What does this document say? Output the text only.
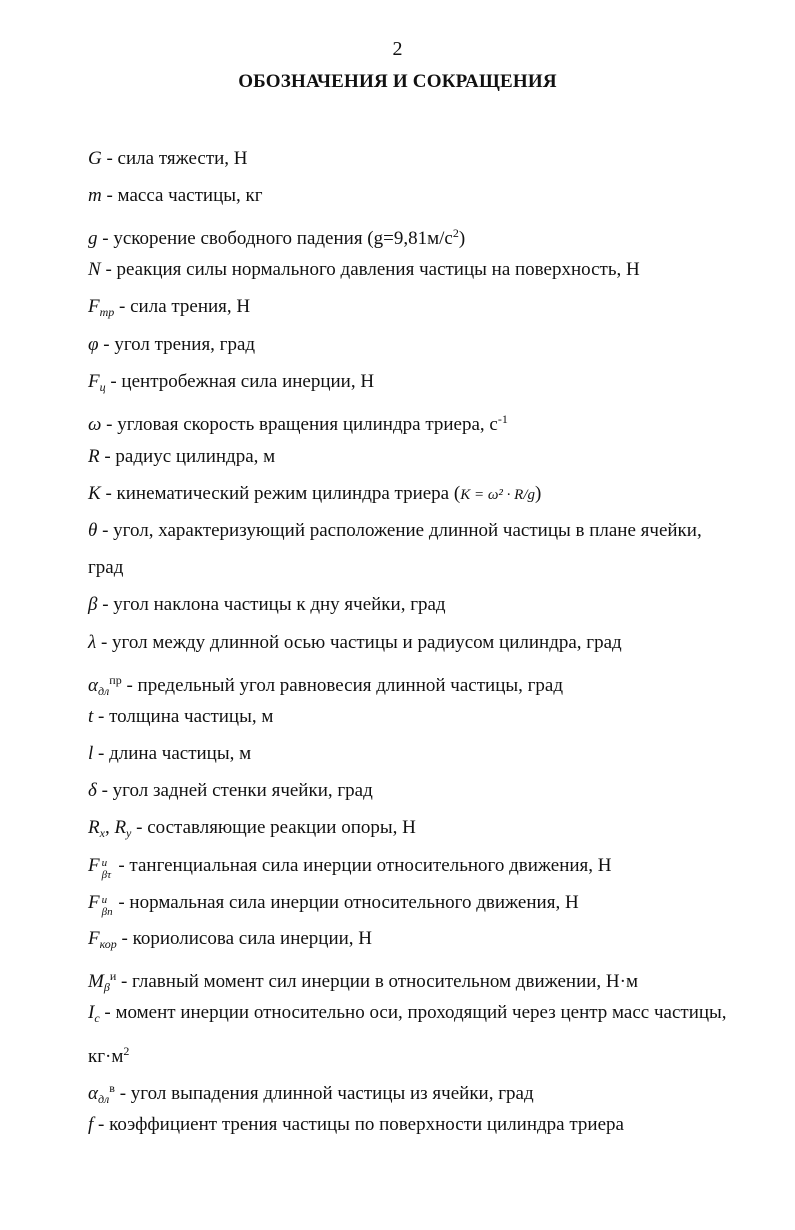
2
ОБОЗНАЧЕНИЯ И СОКРАЩЕНИЯ
G - сила тяжести, Н
m - масса частицы, кг
g - ускорение свободного падения $(g=9,81м/с^2)$
N - реакция силы нормального давления частицы на поверхность, Н
$F_{тр}$ - сила трения, Н
φ - угол трения, град
$F_ц$ - центробежная сила инерции, Н
ω - угловая скорость вращения цилиндра триера, $с^{-1}$
R - радиус цилиндра, м
K - кинематический режим цилиндра триера (K = ω² · R/g)
θ - угол, характеризующий расположение длинной частицы в плане ячейки,
град
β - угол наклона частицы к дну ячейки, град
λ - угол между длинной осью частицы и радиусом цилиндра, град
$\alpha_{дл}^{пр}$ - предельный угол равновесия длинной частицы, град
t - толщина частицы, м
l - длина частицы, м
δ - угол задней стенки ячейки, град
$R_x$, $R_y$ - составляющие реакции опоры, Н
F и
βτ - тангенциальная сила инерции относительного движения, Н
F и
βn - нормальная сила инерции относительного движения, Н
$F_{кор}$ - кориолисова сила инерции, Н
$M_\beta^и$ - главный момент сил инерции в относительном движении, Н·м
$I_c$ - момент инерции относительно оси, проходящий через центр масс частицы,
$кг\cdot м^2$
$\alpha_{дл}^в$ - угол выпадения длинной частицы из ячейки, град
f - коэффициент трения частицы по поверхности цилиндра триера
